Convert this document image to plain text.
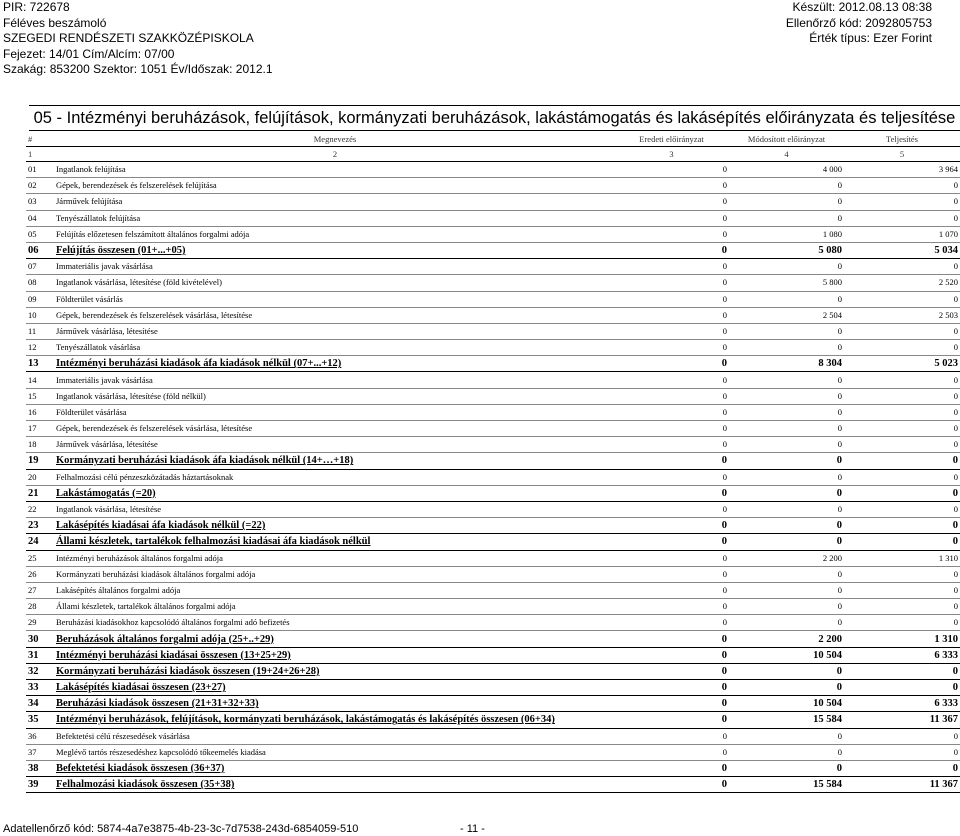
PIR: 722678
Féléves beszámoló
SZEGEDI RENDÉSZETI SZAKKÖZÉPISKOLA
Fejezet: 14/01 Cím/Alcím: 07/00
Szakág: 853200 Szektor: 1051 Év/Időszak: 2012.1
Készült: 2012.08.13 08:38
Ellenőrző kód: 2092805753
Érték típus: Ezer Forint
05 - Intézményi beruházások, felújítások, kormányzati beruházások, lakástámogatás és lakásépítés előirányzata és teljesítése
#	Megnevezés	Eredeti előirányzat	Módosított előirányzat	Teljesítés
1	2	3	4	5
01	Ingatlanok felújítása	0	4 000	3 964
02	Gépek, berendezések és felszerelések felújítása	0	0	0
03	Járművek felújítása	0	0	0
04	Tenyészállatok felújítása	0	0	0
05	Felújítás előzetesen felszámított általános forgalmi adója	0	1 080	1 070
06	Felújítás összesen (01+...+05)	0	5 080	5 034
07	Immateriális javak vásárlása	0	0	0
08	Ingatlanok vásárlása, létesítése (föld kivételével)	0	5 800	2 520
09	Földterület vásárlás	0	0	0
10	Gépek, berendezések és felszerelések vásárlása, létesítése	0	2 504	2 503
11	Járművek vásárlása, létesítése	0	0	0
12	Tenyészállatok vásárlása	0	0	0
13	Intézményi beruházási kiadások áfa kiadások nélkül (07+...+12)	0	8 304	5 023
14	Immateriális javak vásárlása	0	0	0
15	Ingatlanok vásárlása, létesítése (föld nélkül)	0	0	0
16	Földterület vásárlása	0	0	0
17	Gépek, berendezések és felszerelések vásárlása, létesítése	0	0	0
18	Járművek vásárlása, létesítése	0	0	0
19	Kormányzati beruházási kiadások áfa kiadások nélkül (14+…+18)	0	0	0
20	Felhalmozási célú pénzeszközátadás háztartásoknak	0	0	0
21	Lakástámogatás (=20)	0	0	0
22	Ingatlanok vásárlása, létesítése	0	0	0
23	Lakásépítés kiadásai áfa kiadások nélkül (=22)	0	0	0
24	Állami készletek, tartalékok felhalmozási kiadásai áfa kiadások nélkül	0	0	0
25	Intézményi beruházások általános forgalmi adója	0	2 200	1 310
26	Kormányzati beruházási kiadások általános forgalmi adója	0	0	0
27	Lakásépítés általános forgalmi adója	0	0	0
28	Állami készletek, tartalékok általános forgalmi adója	0	0	0
29	Beruházási kiadásokhoz kapcsolódó általános forgalmi adó befizetés	0	0	0
30	Beruházások általános forgalmi adója (25+..+29)	0	2 200	1 310
31	Intézményi beruházási kiadásai összesen (13+25+29)	0	10 504	6 333
32	Kormányzati beruházási kiadások összesen (19+24+26+28)	0	0	0
33	Lakásépítés kiadásai összesen (23+27)	0	0	0
34	Beruházási kiadások összesen (21+31+32+33)	0	10 504	6 333
35	Intézményi beruházások, felújítások, kormányzati beruházások, lakástámogatás és lakásépítés összesen (06+34)	0	15 584	11 367
36	Befektetési célú részesedések vásárlása	0	0	0
37	Meglévő tartós részesedéshez kapcsolódó tőkeemelés kiadása	0	0	0
38	Befektetési kiadások összesen (36+37)	0	0	0
39	Felhalmozási kiadások összesen (35+38)	0	15 584	11 367
Adatellenőrző kód: 5874-4a7e3875-4b-23-3c-7d7538-243d-6854059-510	- 11 -
